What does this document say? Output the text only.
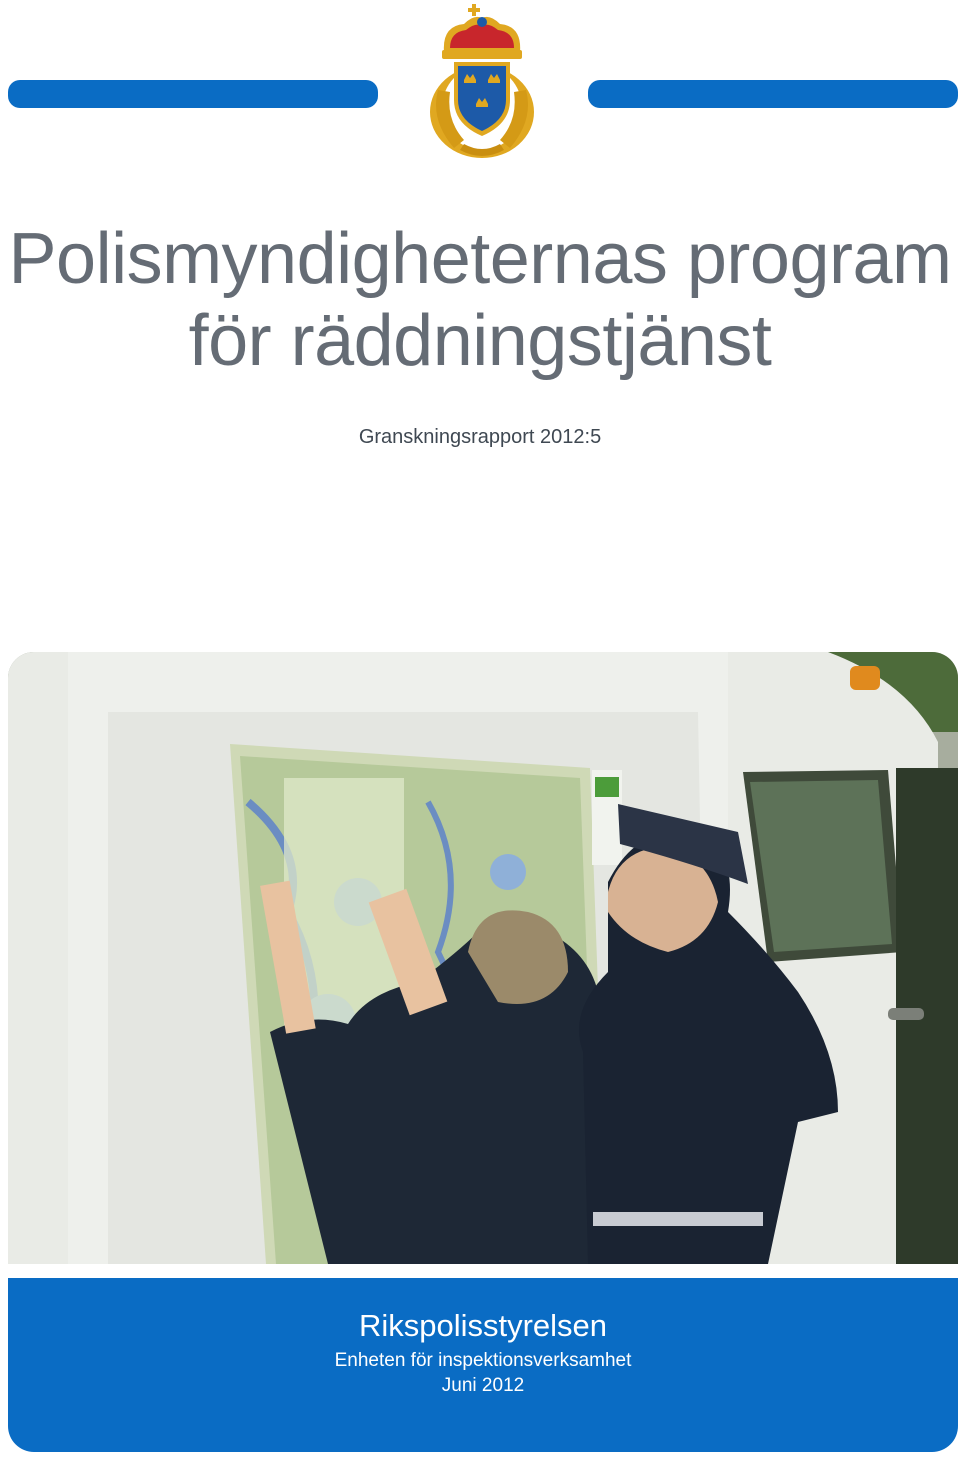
Polismyndigheternas program
för räddningstjänst
Granskningsrapport 2012:5
Rikspolisstyrelsen
Enheten för inspektionsverksamhet
Juni 2012
